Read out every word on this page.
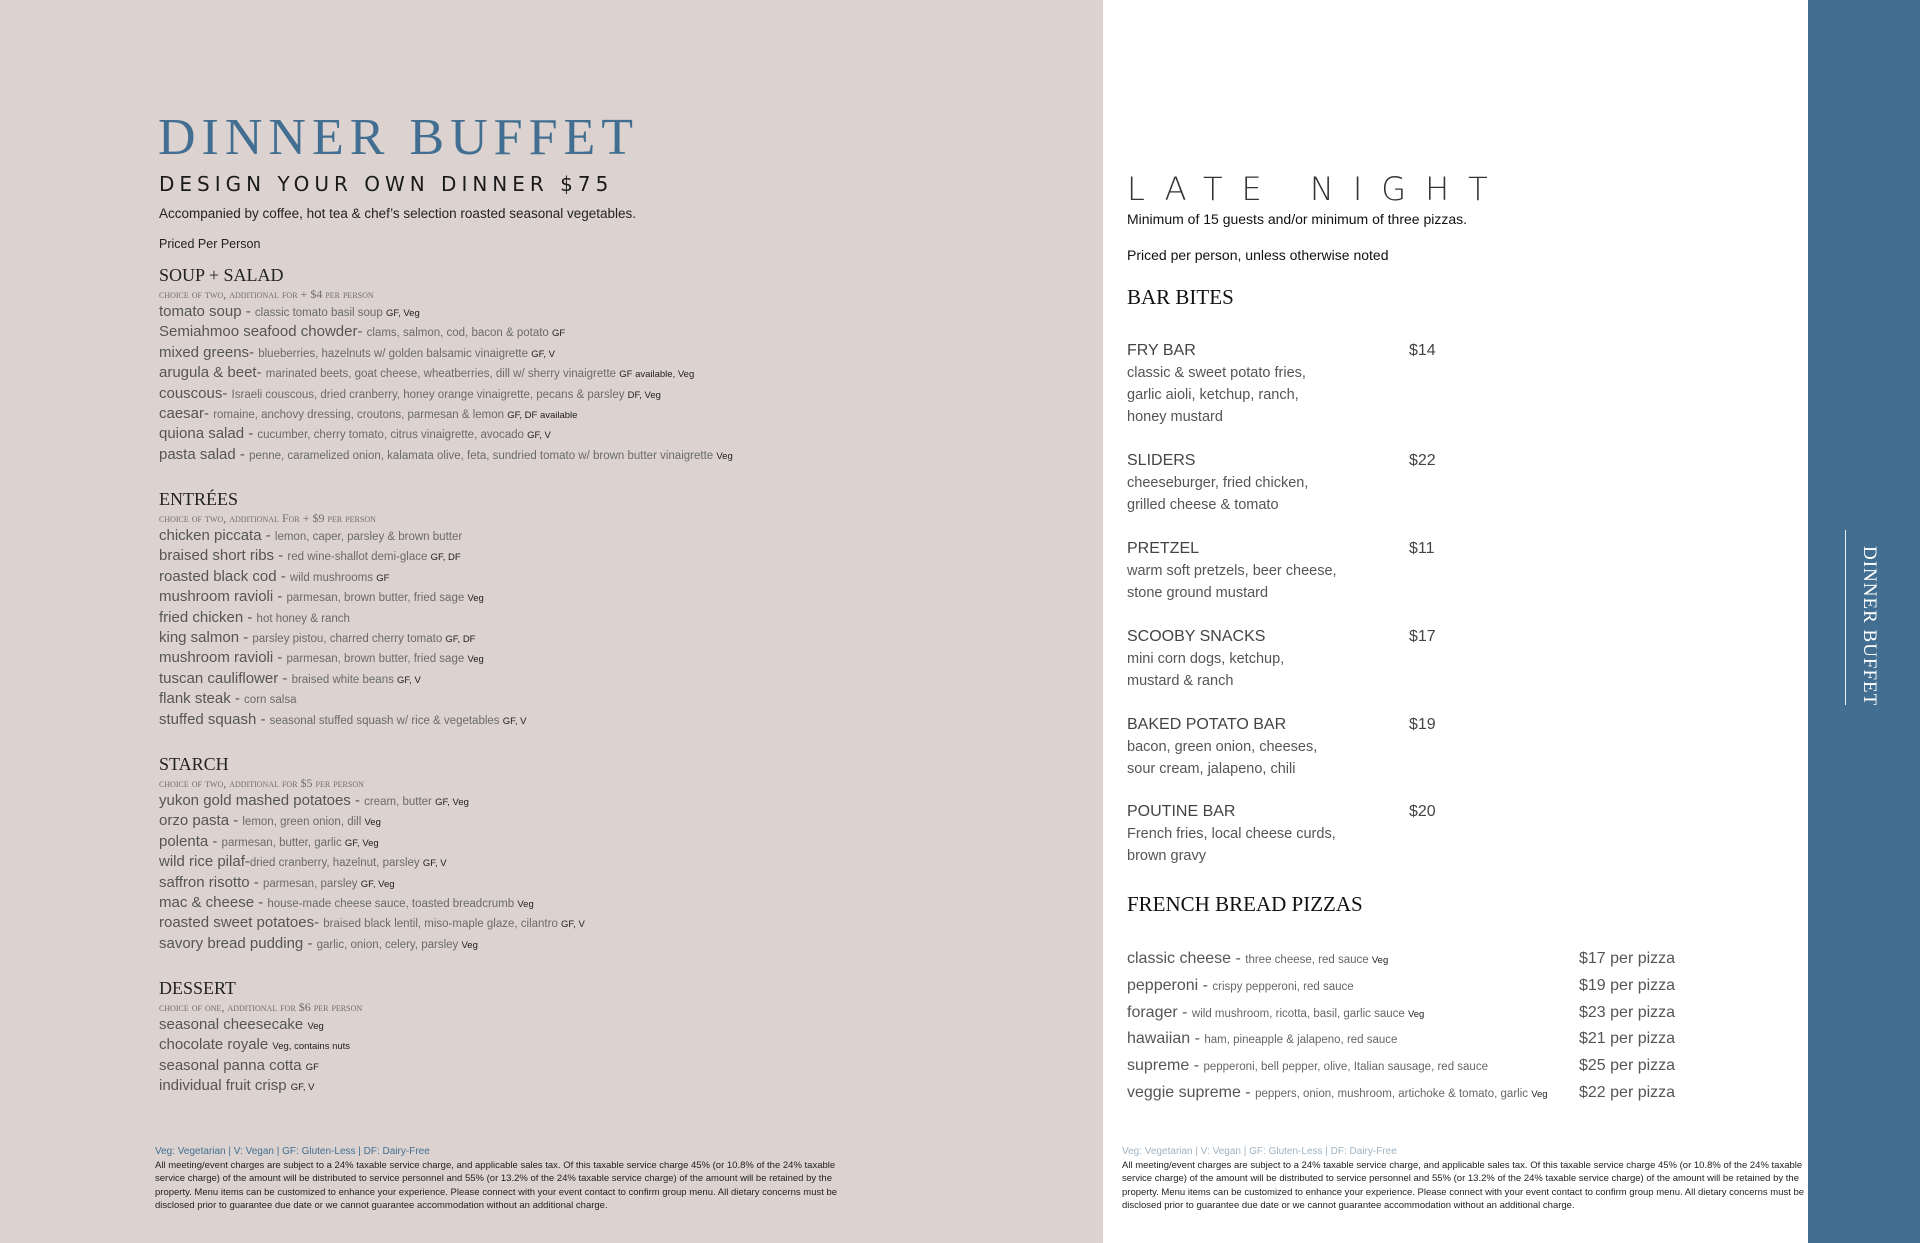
DINNER BUFFET
DINNER BUFFET
DESIGN YOUR OWN DINNER $75
Accompanied by coffee, hot tea & chef’s selection roasted seasonal vegetables.
Priced Per Person
SOUP + SALAD
choice of two, additional for + $4 per person
tomato soup - classic tomato basil soup GF, Veg
Semiahmoo seafood chowder- clams, salmon, cod, bacon & potato GF
mixed greens- blueberries, hazelnuts w/ golden balsamic vinaigrette GF, V
arugula & beet- marinated beets, goat cheese, wheatberries, dill w/ sherry vinaigrette GF available, Veg
couscous- Israeli couscous, dried cranberry, honey orange vinaigrette, pecans & parsley DF, Veg
caesar- romaine, anchovy dressing, croutons, parmesan & lemon GF, DF available
quiona salad - cucumber, cherry tomato, citrus vinaigrette, avocado GF, V
pasta salad - penne, caramelized onion, kalamata olive, feta, sundried tomato w/ brown butter vinaigrette Veg
ENTRÉES
choice of two, additional For + $9 per person
chicken piccata - lemon, caper, parsley & brown butter
braised short ribs - red wine-shallot demi-glace GF, DF
roasted black cod - wild mushrooms GF
mushroom ravioli - parmesan, brown butter, fried sage Veg
fried chicken - hot honey & ranch
king salmon - parsley pistou, charred cherry tomato GF, DF
mushroom ravioli - parmesan, brown butter, fried sage Veg
tuscan cauliflower - braised white beans GF, V
flank steak - corn salsa
stuffed squash - seasonal stuffed squash w/ rice & vegetables GF, V
STARCH
choice of two, additional for $5 per person
yukon gold mashed potatoes - cream, butter GF, Veg
orzo pasta - lemon, green onion, dill Veg
polenta - parmesan, butter, garlic GF, Veg
wild rice pilaf-dried cranberry, hazelnut, parsley GF, V
saffron risotto - parmesan, parsley GF, Veg
mac & cheese - house-made cheese sauce, toasted breadcrumb Veg
roasted sweet potatoes- braised black lentil, miso-maple glaze, cilantro GF, V
savory bread pudding - garlic, onion, celery, parsley Veg
DESSERT
choice of one, additional for $6 per person
seasonal cheesecake Veg
chocolate royale Veg, contains nuts
seasonal panna cotta GF
individual fruit crisp GF, V
Veg: Vegetarian | V: Vegan | GF: Gluten-Less | DF: Dairy-Free
All meeting/event charges are subject to a 24% taxable service charge, and applicable sales tax. Of this taxable service charge 45% (or 10.8% of the 24% taxable service charge) of the amount will be distributed to service personnel and 55% (or 13.2% of the 24% taxable service charge) of the amount will be retained by the property. Menu items can be customized to enhance your experience. Please connect with your event contact to confirm group menu. All dietary concerns must be disclosed prior to guarantee due date or we cannot guarantee accommodation without an additional charge.
LATE NIGHT
Minimum of 15 guests and/or minimum of three pizzas.
Priced per person, unless otherwise noted
BAR BITES
FRY BAR	$14
classic & sweet potato fries,
garlic aioli, ketchup, ranch,
honey mustard
SLIDERS	$22
cheeseburger, fried chicken,
grilled cheese & tomato
PRETZEL	$11
warm soft pretzels, beer cheese,
stone ground mustard
SCOOBY SNACKS	$17
mini corn dogs, ketchup,
mustard & ranch
BAKED POTATO BAR	$19
bacon, green onion, cheeses,
sour cream, jalapeno, chili
POUTINE BAR	$20
French fries, local cheese curds,
brown gravy
FRENCH BREAD PIZZAS
classic cheese - three cheese, red sauce Veg	$17 per pizza
pepperoni - crispy pepperoni, red sauce	$19 per pizza
forager - wild mushroom, ricotta, basil, garlic sauce Veg	$23 per pizza
hawaiian - ham, pineapple & jalapeno, red sauce	$21 per pizza
supreme - pepperoni, bell pepper, olive, Italian sausage, red sauce	$25 per pizza
veggie supreme - peppers, onion, mushroom, artichoke & tomato, garlic Veg $22 per pizza
Veg: Vegetarian | V: Vegan | GF: Gluten-Less | DF: Dairy-Free
All meeting/event charges are subject to a 24% taxable service charge, and applicable sales tax. Of this taxable service charge 45% (or 10.8% of the 24% taxable service charge) of the amount will be distributed to service personnel and 55% (or 13.2% of the 24% taxable service charge) of the amount will be retained by the property. Menu items can be customized to enhance your experience. Please connect with your event contact to confirm group menu. All dietary concerns must be disclosed prior to guarantee due date or we cannot guarantee accommodation without an additional charge.
